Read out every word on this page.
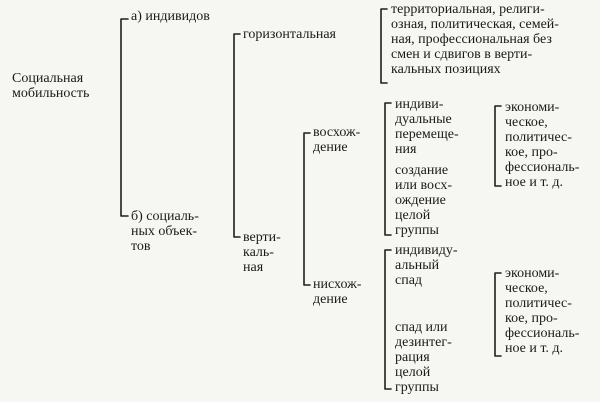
Социальная
мобильность

а) индивидов

б) социаль-
ных объек-
тов

горизонтальная

территориальная, религи-
озная, политическая, семей-
ная, профессиональная без
смен и сдвигов в верти-
кальных позициях

верти-
каль-
ная

восхож-
дение

нисхож-
дение

индиви-
дуальные
перемеще-
ния

создание
или восх-
ождение
целой
группы

экономи-
ческое,
политичес-
кое, про-
фессиональ-
ное и т. д.

индивиду-
альный
спад

спад или
дезинтег-
рация
целой
группы

экономи-
ческое,
политичес-
кое, про-
фессиональ-
ное и т. д.
